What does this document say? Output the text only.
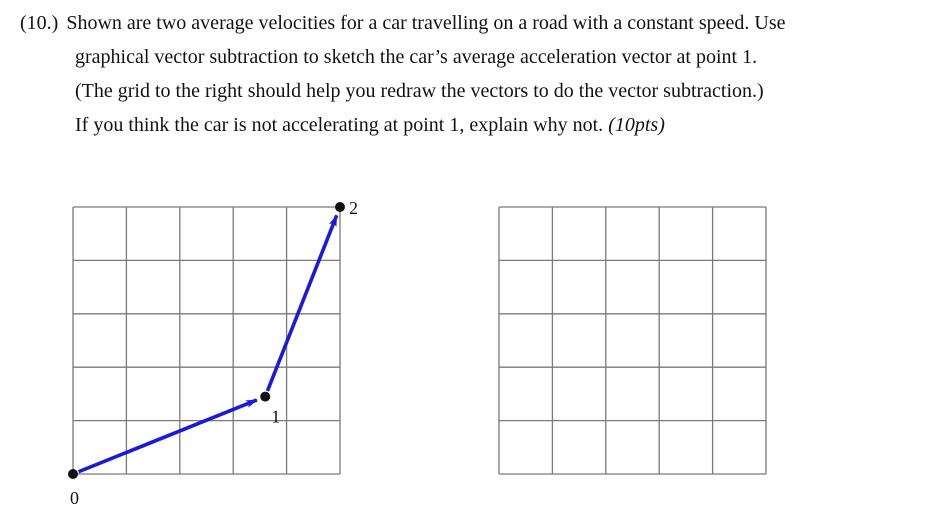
(10.) Shown are two average velocities for a car travelling on a road with a constant speed. Use
graphical vector subtraction to sketch the car’s average acceleration vector at point 1.
(The grid to the right should help you redraw the vectors to do the vector subtraction.)
If you think the car is not accelerating at point 1, explain why not. (10pts)
0
1
2
